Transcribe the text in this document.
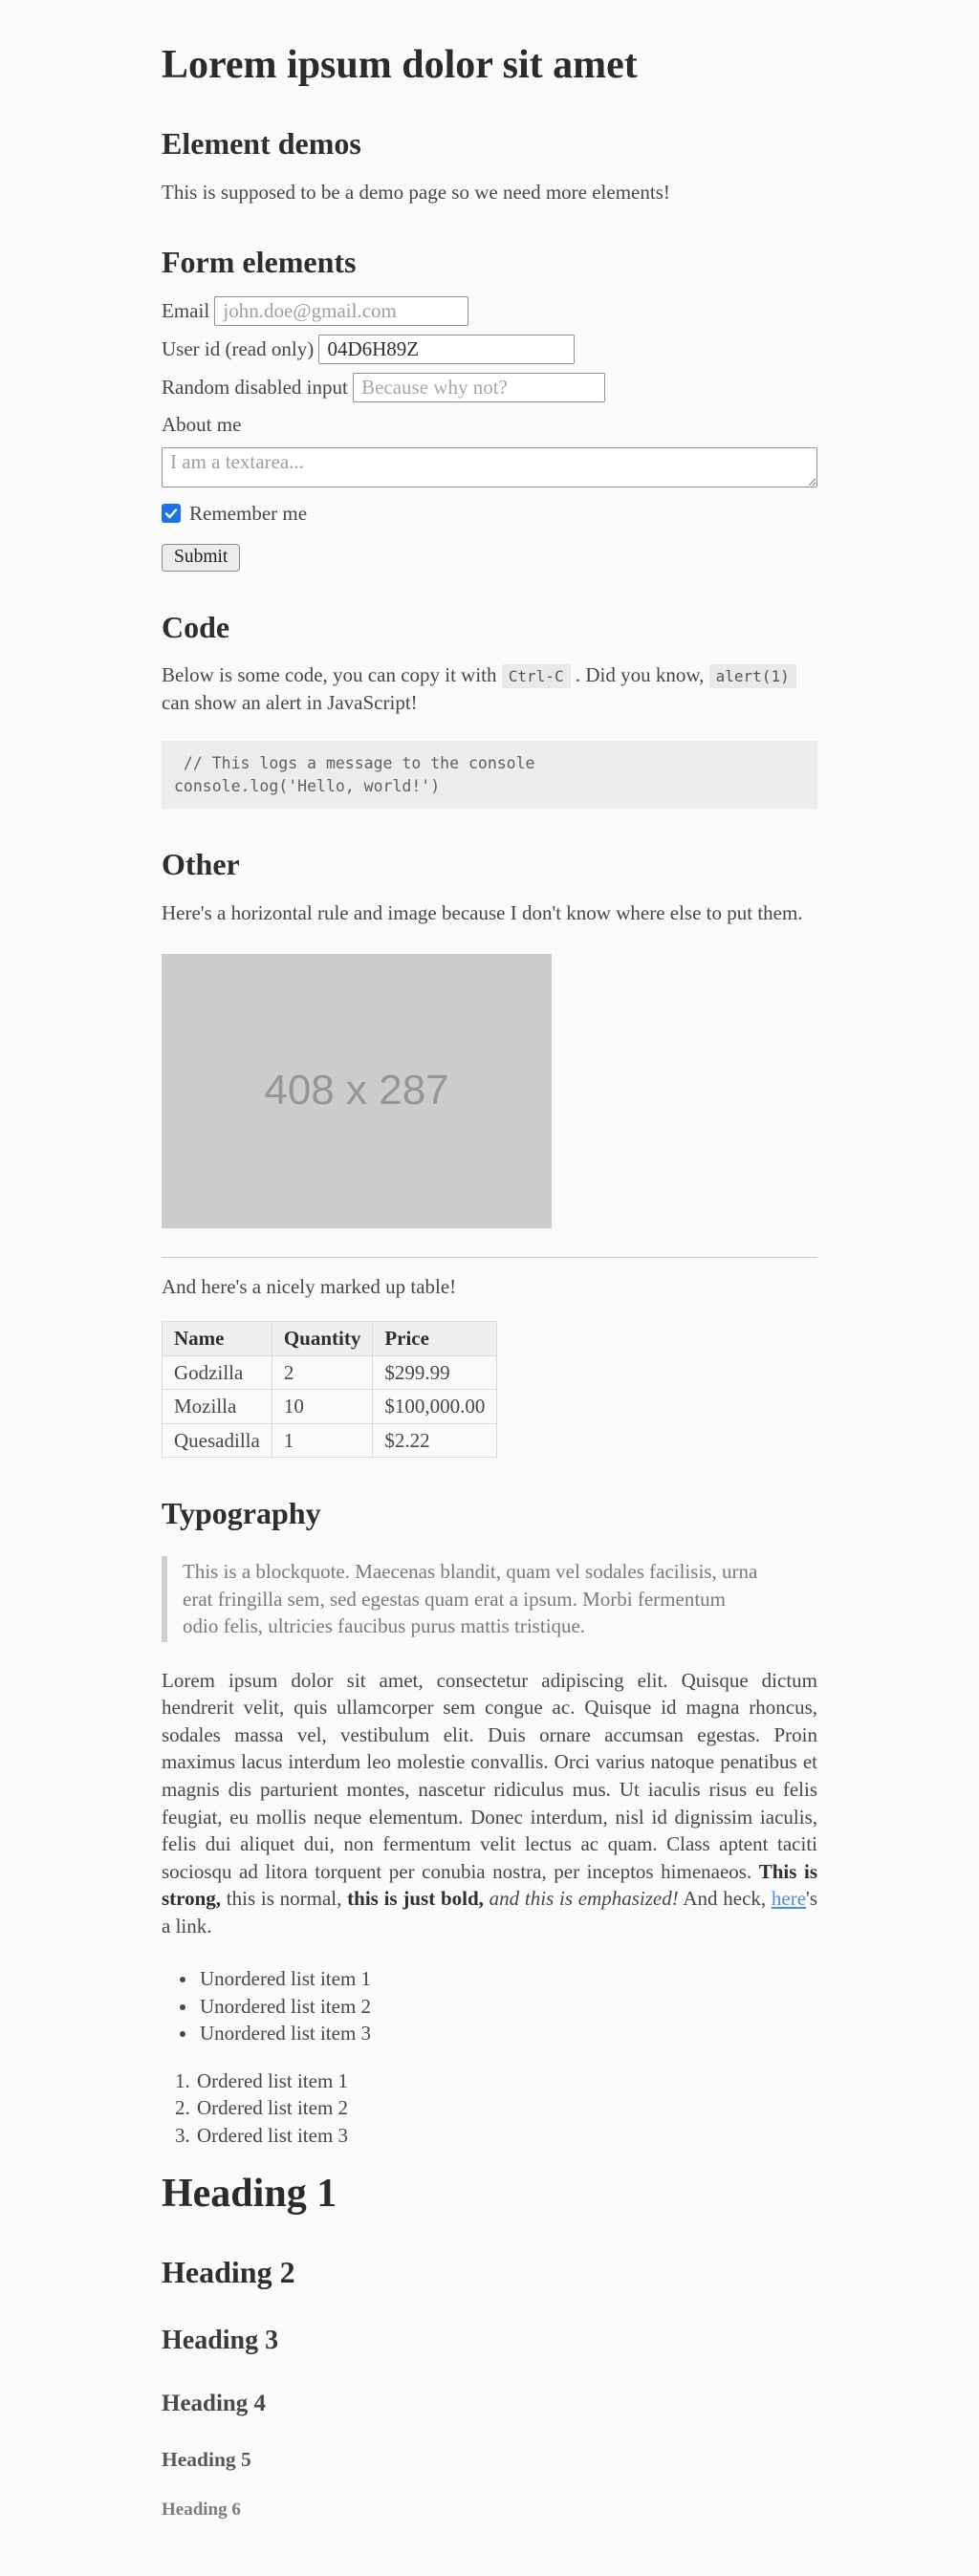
Lorem ipsum dolor sit amet
Element demos

This is supposed to be a demo page so we need more elements!

Form elements
Email john.doe@gmail.com
User id (read only) 04D6H89Z
Random disabled input Because why not?
About me
I am a textarea...
Remember me
Submit
Code

Below is some code, you can copy it with Ctrl-C . Did you know, alert(1) can show an alert in JavaScript!

// This logs a message to the console
console.log('Hello, world!')
Other

Here's a horizontal rule and image because I don't know where else to put them.

408 x 287

And here's a nicely marked up table!

Name	Quantity	Price
Godzilla	2	$299.99
Mozilla	10	$100,000.00
Quesadilla	1	$2.22
Typography
This is a blockquote. Maecenas blandit, quam vel sodales facilisis, urna erat fringilla sem, sed egestas quam erat a ipsum. Morbi fermentum odio felis, ultricies faucibus purus mattis tristique.

Lorem ipsum dolor sit amet, consectetur adipiscing elit. Quisque dictum hendrerit velit, quis ullamcorper sem congue ac. Quisque id magna rhoncus, sodales massa vel, vestibulum elit. Duis ornare accumsan egestas. Proin maximus lacus interdum leo molestie convallis. Orci varius natoque penatibus et magnis dis parturient montes, nascetur ridiculus mus. Ut iaculis risus eu felis feugiat, eu mollis neque elementum. Donec interdum, nisl id dignissim iaculis, felis dui aliquet dui, non fermentum velit lectus ac quam. Class aptent taciti sociosqu ad litora torquent per conubia nostra, per inceptos himenaeos. This is strong, this is normal, this is just bold, and this is emphasized! And heck, here's a link.

• Unordered list item 1
• Unordered list item 2
• Unordered list item 3
1. Ordered list item 1
2. Ordered list item 2
3. Ordered list item 3
Heading 1
Heading 2
Heading 3
Heading 4
Heading 5
Heading 6
